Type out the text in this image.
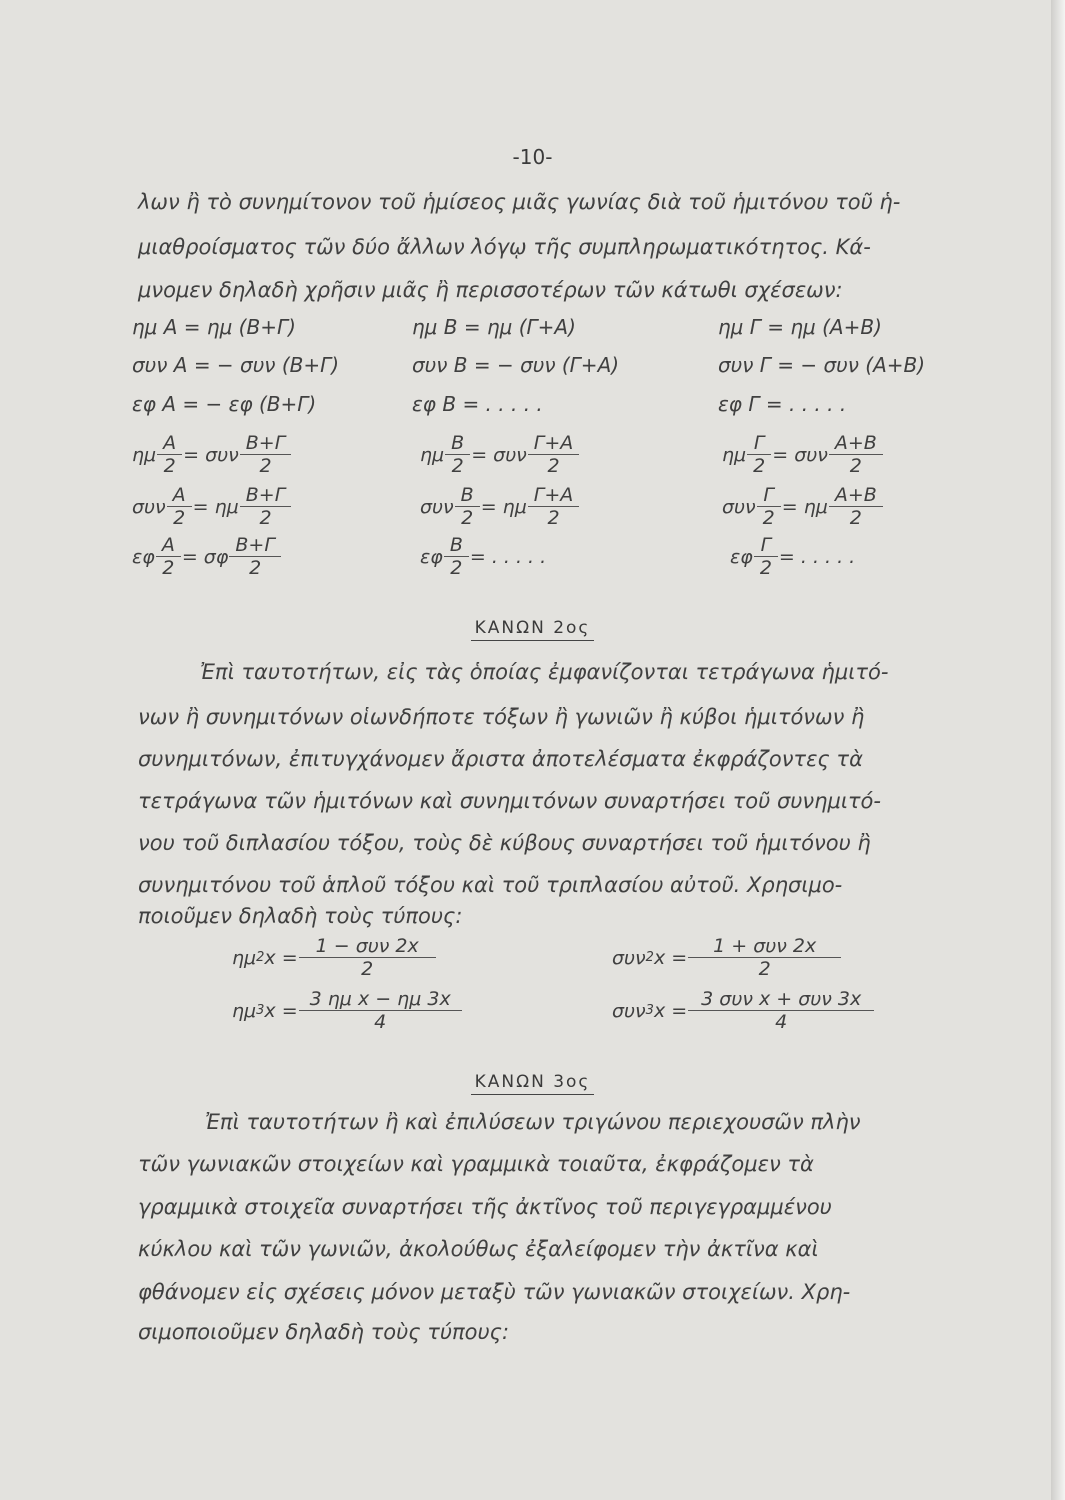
-10-
λων ἢ τὸ συνημίτονον τοῦ ἡμίσεος μιᾶς γωνίας διὰ τοῦ ἡμιτόνου τοῦ ἡ-
μιαθροίσματος τῶν δύο ἄλλων λόγῳ τῆς συμπληρωματικότητος. Κά-
μνομεν δηλαδὴ χρῆσιν μιᾶς ἢ περισσοτέρων τῶν κάτωθι σχέσεων:
ημ A = ημ (B+Γ)	ημ B = ημ (Γ+A)	ημ Γ = ημ (A+B)
συν A = − συν (B+Γ)	συν B = − συν (Γ+A)	συν Γ = − συν (A+B)
εφ A = − εφ (B+Γ)	εφ B = . . . . .	εφ Γ = . . . . .
ημ $\frac{A}{2} = \sigma\upsilon\nu \frac{B+\Gamma}{2}$	ημ $\frac{B}{2} = \sigma\upsilon\nu \frac{\Gamma+A}{2}$	ημ $\frac{\Gamma}{2} = \sigma\upsilon\nu \frac{A+B}{2}$
συν $\frac{A}{2} = \eta\mu \frac{B+\Gamma}{2}$	συν $\frac{B}{2} = \eta\mu \frac{\Gamma+A}{2}$	συν $\frac{\Gamma}{2} = \eta\mu \frac{A+B}{2}$
εφ $\frac{A}{2} = \sigma\varphi \frac{B+\Gamma}{2}$	εφ $\frac{B}{2}$ = . . . . .	εφ $\frac{\Gamma}{2}$ = . . . . .
ΚΑΝΩΝ 2ος
Ἐπὶ ταυτοτήτων, εἰς τὰς ὁποίας ἐμφανίζονται τετράγωνα ἡμιτό-
νων ἢ συνημιτόνων οἱωνδήποτε τόξων ἢ γωνιῶν ἢ κύβοι ἡμιτόνων ἢ
συνημιτόνων, ἐπιτυγχάνομεν ἄριστα ἀποτελέσματα ἐκφράζοντες τὰ
τετράγωνα τῶν ἡμιτόνων καὶ συνημιτόνων συναρτήσει τοῦ συνημιτό-
νου τοῦ διπλασίου τόξου, τοὺς δὲ κύβους συναρτήσει τοῦ ἡμιτόνου ἢ
συνημιτόνου τοῦ ἁπλοῦ τόξου καὶ τοῦ τριπλασίου αὐτοῦ. Χρησιμο-
ποιοῦμεν δηλαδὴ τοὺς τύπους:
ημ 2 $x = \frac{\text{1 − συν 2x}}{2}$	συν 2 $x = \frac{\text{1 + συν 2x}}{2}$
ημ 3 $x = \frac{\text{3 ημ x − ημ 3x}}{4}$	συν 3 $x = \frac{\text{3 συν x + συν 3x}}{4}$
ΚΑΝΩΝ 3ος
Ἐπὶ ταυτοτήτων ἢ καὶ ἐπιλύσεων τριγώνου περιεχουσῶν πλὴν
τῶν γωνιακῶν στοιχείων καὶ γραμμικὰ τοιαῦτα, ἐκφράζομεν τὰ
γραμμικὰ στοιχεῖα συναρτήσει τῆς ἀκτῖνος τοῦ περιγεγραμμένου
κύκλου καὶ τῶν γωνιῶν, ἀκολούθως ἐξαλείφομεν τὴν ἀκτῖνα καὶ
φθάνομεν εἰς σχέσεις μόνον μεταξὺ τῶν γωνιακῶν στοιχείων. Χρη-
σιμοποιοῦμεν δηλαδὴ τοὺς τύπους:
